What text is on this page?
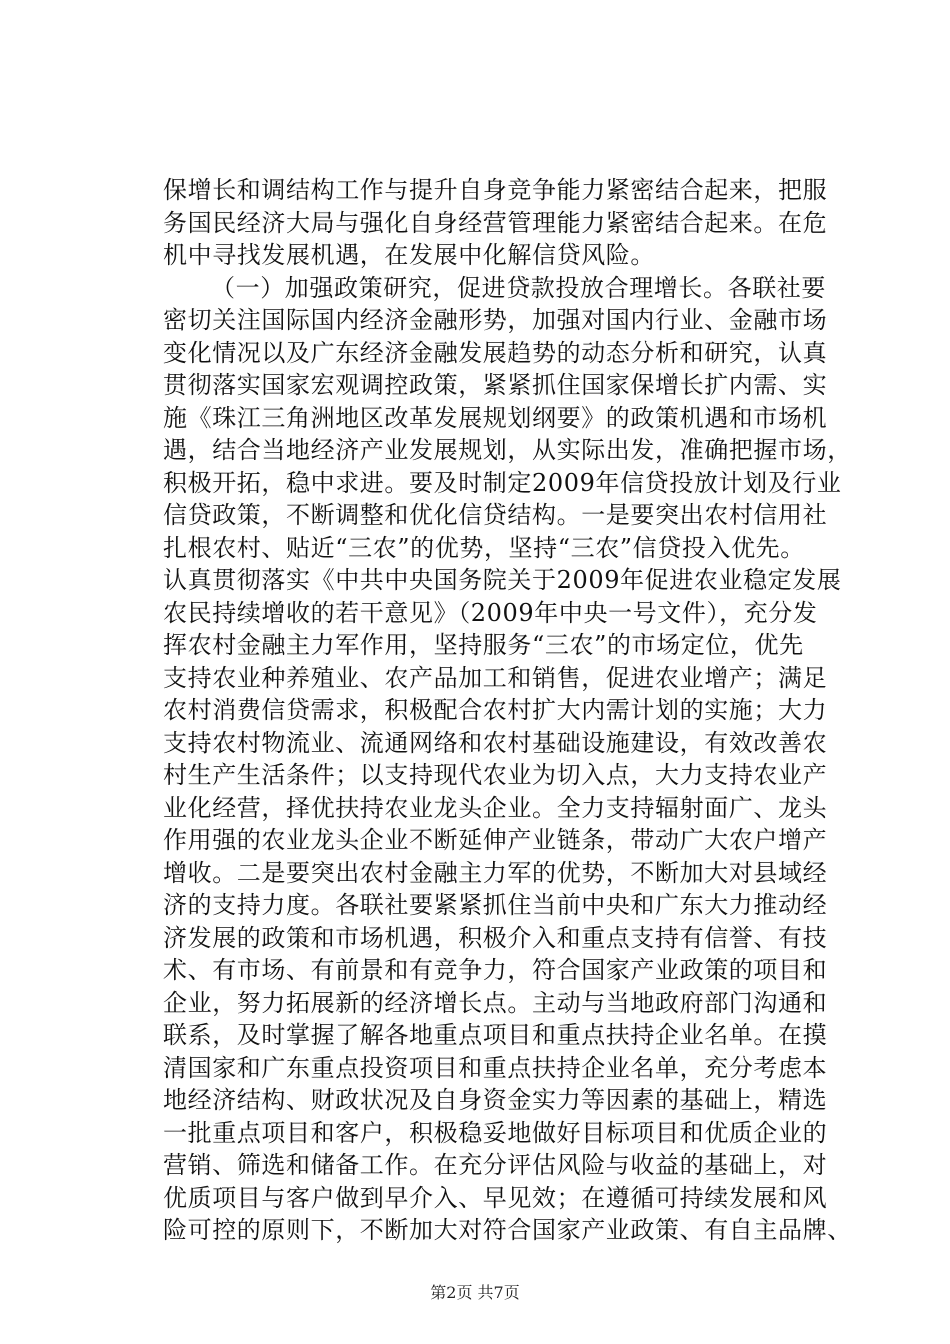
保增长和调结构工作与提升自身竞争能力紧密结合起来，把服
务国民经济大局与强化自身经营管理能力紧密结合起来。在危
机中寻找发展机遇，在发展中化解信贷风险。
（一）加强政策研究，促进贷款投放合理增长。各联社要
密切关注国际国内经济金融形势，加强对国内行业、金融市场
变化情况以及广东经济金融发展趋势的动态分析和研究，认真
贯彻落实国家宏观调控政策，紧紧抓住国家保增长扩内需、实
施《珠江三角洲地区改革发展规划纲要》的政策机遇和市场机
遇，结合当地经济产业发展规划，从实际出发，准确把握市场，
积极开拓，稳中求进。要及时制定2009年信贷投放计划及行业
信贷政策，不断调整和优化信贷结构。一是要突出农村信用社
扎根农村、贴近“三农”的优势，坚持“三农”信贷投入优先。
认真贯彻落实《中共中央国务院关于2009年促进农业稳定发展
农民持续增收的若干意见》（2009年中央一号文件），充分发
挥农村金融主力军作用，坚持服务“三农”的市场定位，优先
支持农业种养殖业、农产品加工和销售，促进农业增产；满足
农村消费信贷需求，积极配合农村扩大内需计划的实施；大力
支持农村物流业、流通网络和农村基础设施建设，有效改善农
村生产生活条件；以支持现代农业为切入点，大力支持农业产
业化经营，择优扶持农业龙头企业。全力支持辐射面广、龙头
作用强的农业龙头企业不断延伸产业链条，带动广大农户增产
增收。二是要突出农村金融主力军的优势，不断加大对县域经
济的支持力度。各联社要紧紧抓住当前中央和广东大力推动经
济发展的政策和市场机遇，积极介入和重点支持有信誉、有技
术、有市场、有前景和有竞争力，符合国家产业政策的项目和
企业，努力拓展新的经济增长点。主动与当地政府部门沟通和
联系，及时掌握了解各地重点项目和重点扶持企业名单。在摸
清国家和广东重点投资项目和重点扶持企业名单，充分考虑本
地经济结构、财政状况及自身资金实力等因素的基础上，精选
一批重点项目和客户，积极稳妥地做好目标项目和优质企业的
营销、筛选和储备工作。在充分评估风险与收益的基础上，对
优质项目与客户做到早介入、早见效；在遵循可持续发展和风
险可控的原则下，不断加大对符合国家产业政策、有自主品牌、
第2页 共7页
